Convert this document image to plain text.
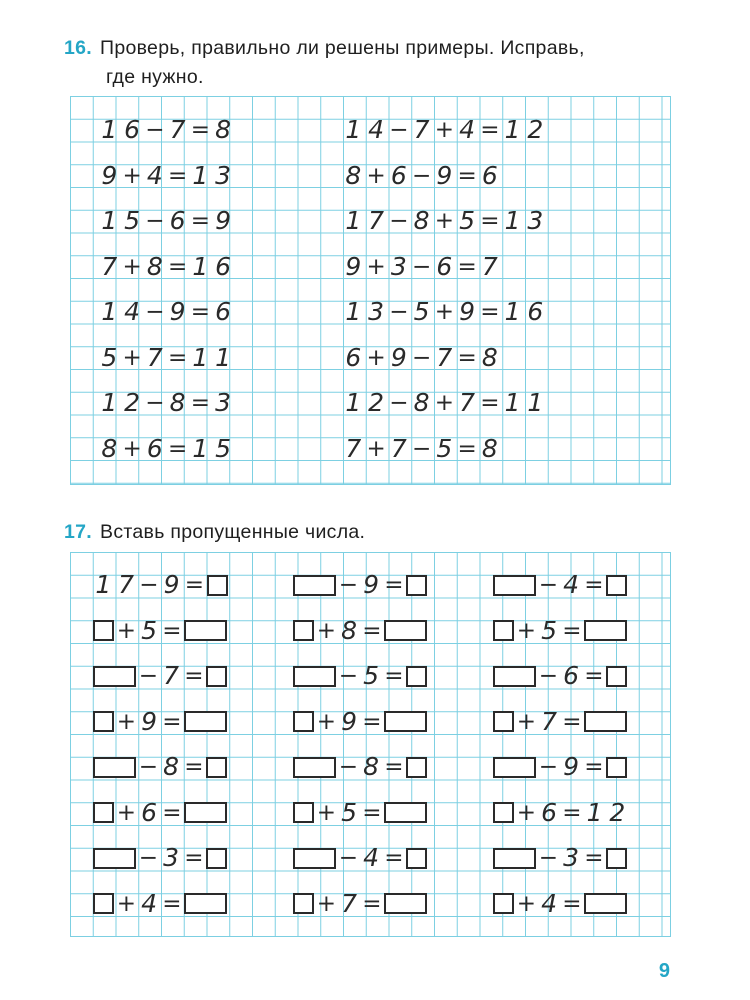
16. Проверь, правильно ли решены примеры. Исправь,
где нужно.
17. Вставь пропущенные числа.
9
1 6 − 7 = 8
9 + 4 = 1 3
1 5 − 6 = 9
7 + 8 = 1 6
1 4 − 9 = 6
5 + 7 = 1 1
1 2 − 8 = 3
8 + 6 = 1 5
1 4 − 7 + 4 = 1 2
8 + 6 − 9 = 6
1 7 − 8 + 5 = 1 3
9 + 3 − 6 = 7
1 3 − 5 + 9 = 1 6
6 + 9 − 7 = 8
1 2 − 8 + 7 = 1 1
7 + 7 − 5 = 8
1 7 − 9 =
+ 5 =
− 7 =
+ 9 =
− 8 =
+ 6 =
− 3 =
+ 4 =
− 9 =
+ 8 =
− 5 =
+ 9 =
− 8 =
+ 5 =
− 4 =
+ 7 =
− 4 =
+ 5 =
− 6 =
+ 7 =
− 9 =
+ 6 = 1 2
− 3 =
+ 4 =
